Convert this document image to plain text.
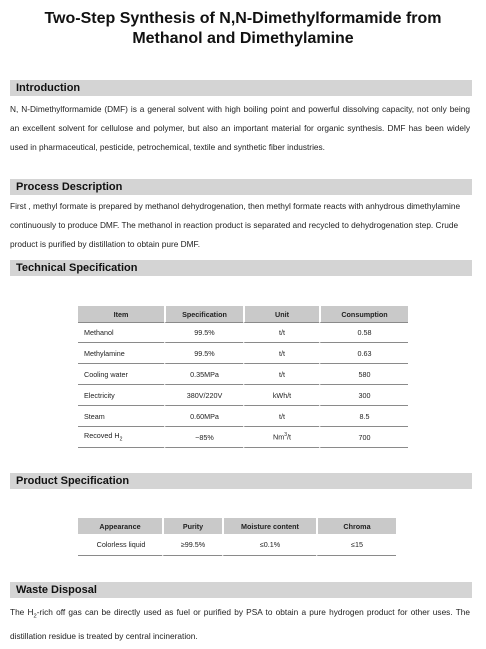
Two-Step Synthesis of N,N-Dimethylformamide from
Methanol and Dimethylamine
Introduction
N, N-Dimethylformamide (DMF) is a general solvent with high boiling point and powerful dissolving capacity, not only being an excellent solvent for cellulose and polymer, but also an important material for organic synthesis. DMF has been widely used in pharmaceutical, pesticide, petrochemical, textile and synthetic fiber industries.
Process Description
First , methyl formate is prepared by methanol dehydrogenation, then methyl formate reacts with anhydrous dimethylamine continuously to produce DMF. The methanol in reaction product is separated and recycled to dehydrogenation step. Crude product is purified by distillation to obtain pure DMF.
Technical Specification
Item	Specification	Unit	Consumption
Methanol	99.5%	t/t	0.58
Methylamine	99.5%	t/t	0.63
Cooling water	0.35MPa	t/t	580
Electricity	380V/220V	kWh/t	300
Steam	0.60MPa	t/t	8.5
Recoved $H_2$	~85%	Nm$^3$/t	700
Product Specification
Appearance	Purity	Moisture content	Chroma
Colorless liquid	≥99.5%	≤0.1%	≤15
Waste Disposal
The $H_2$-rich off gas can be directly used as fuel or purified by PSA to obtain a pure hydrogen product for other uses. The distillation residue is treated by central incineration.
